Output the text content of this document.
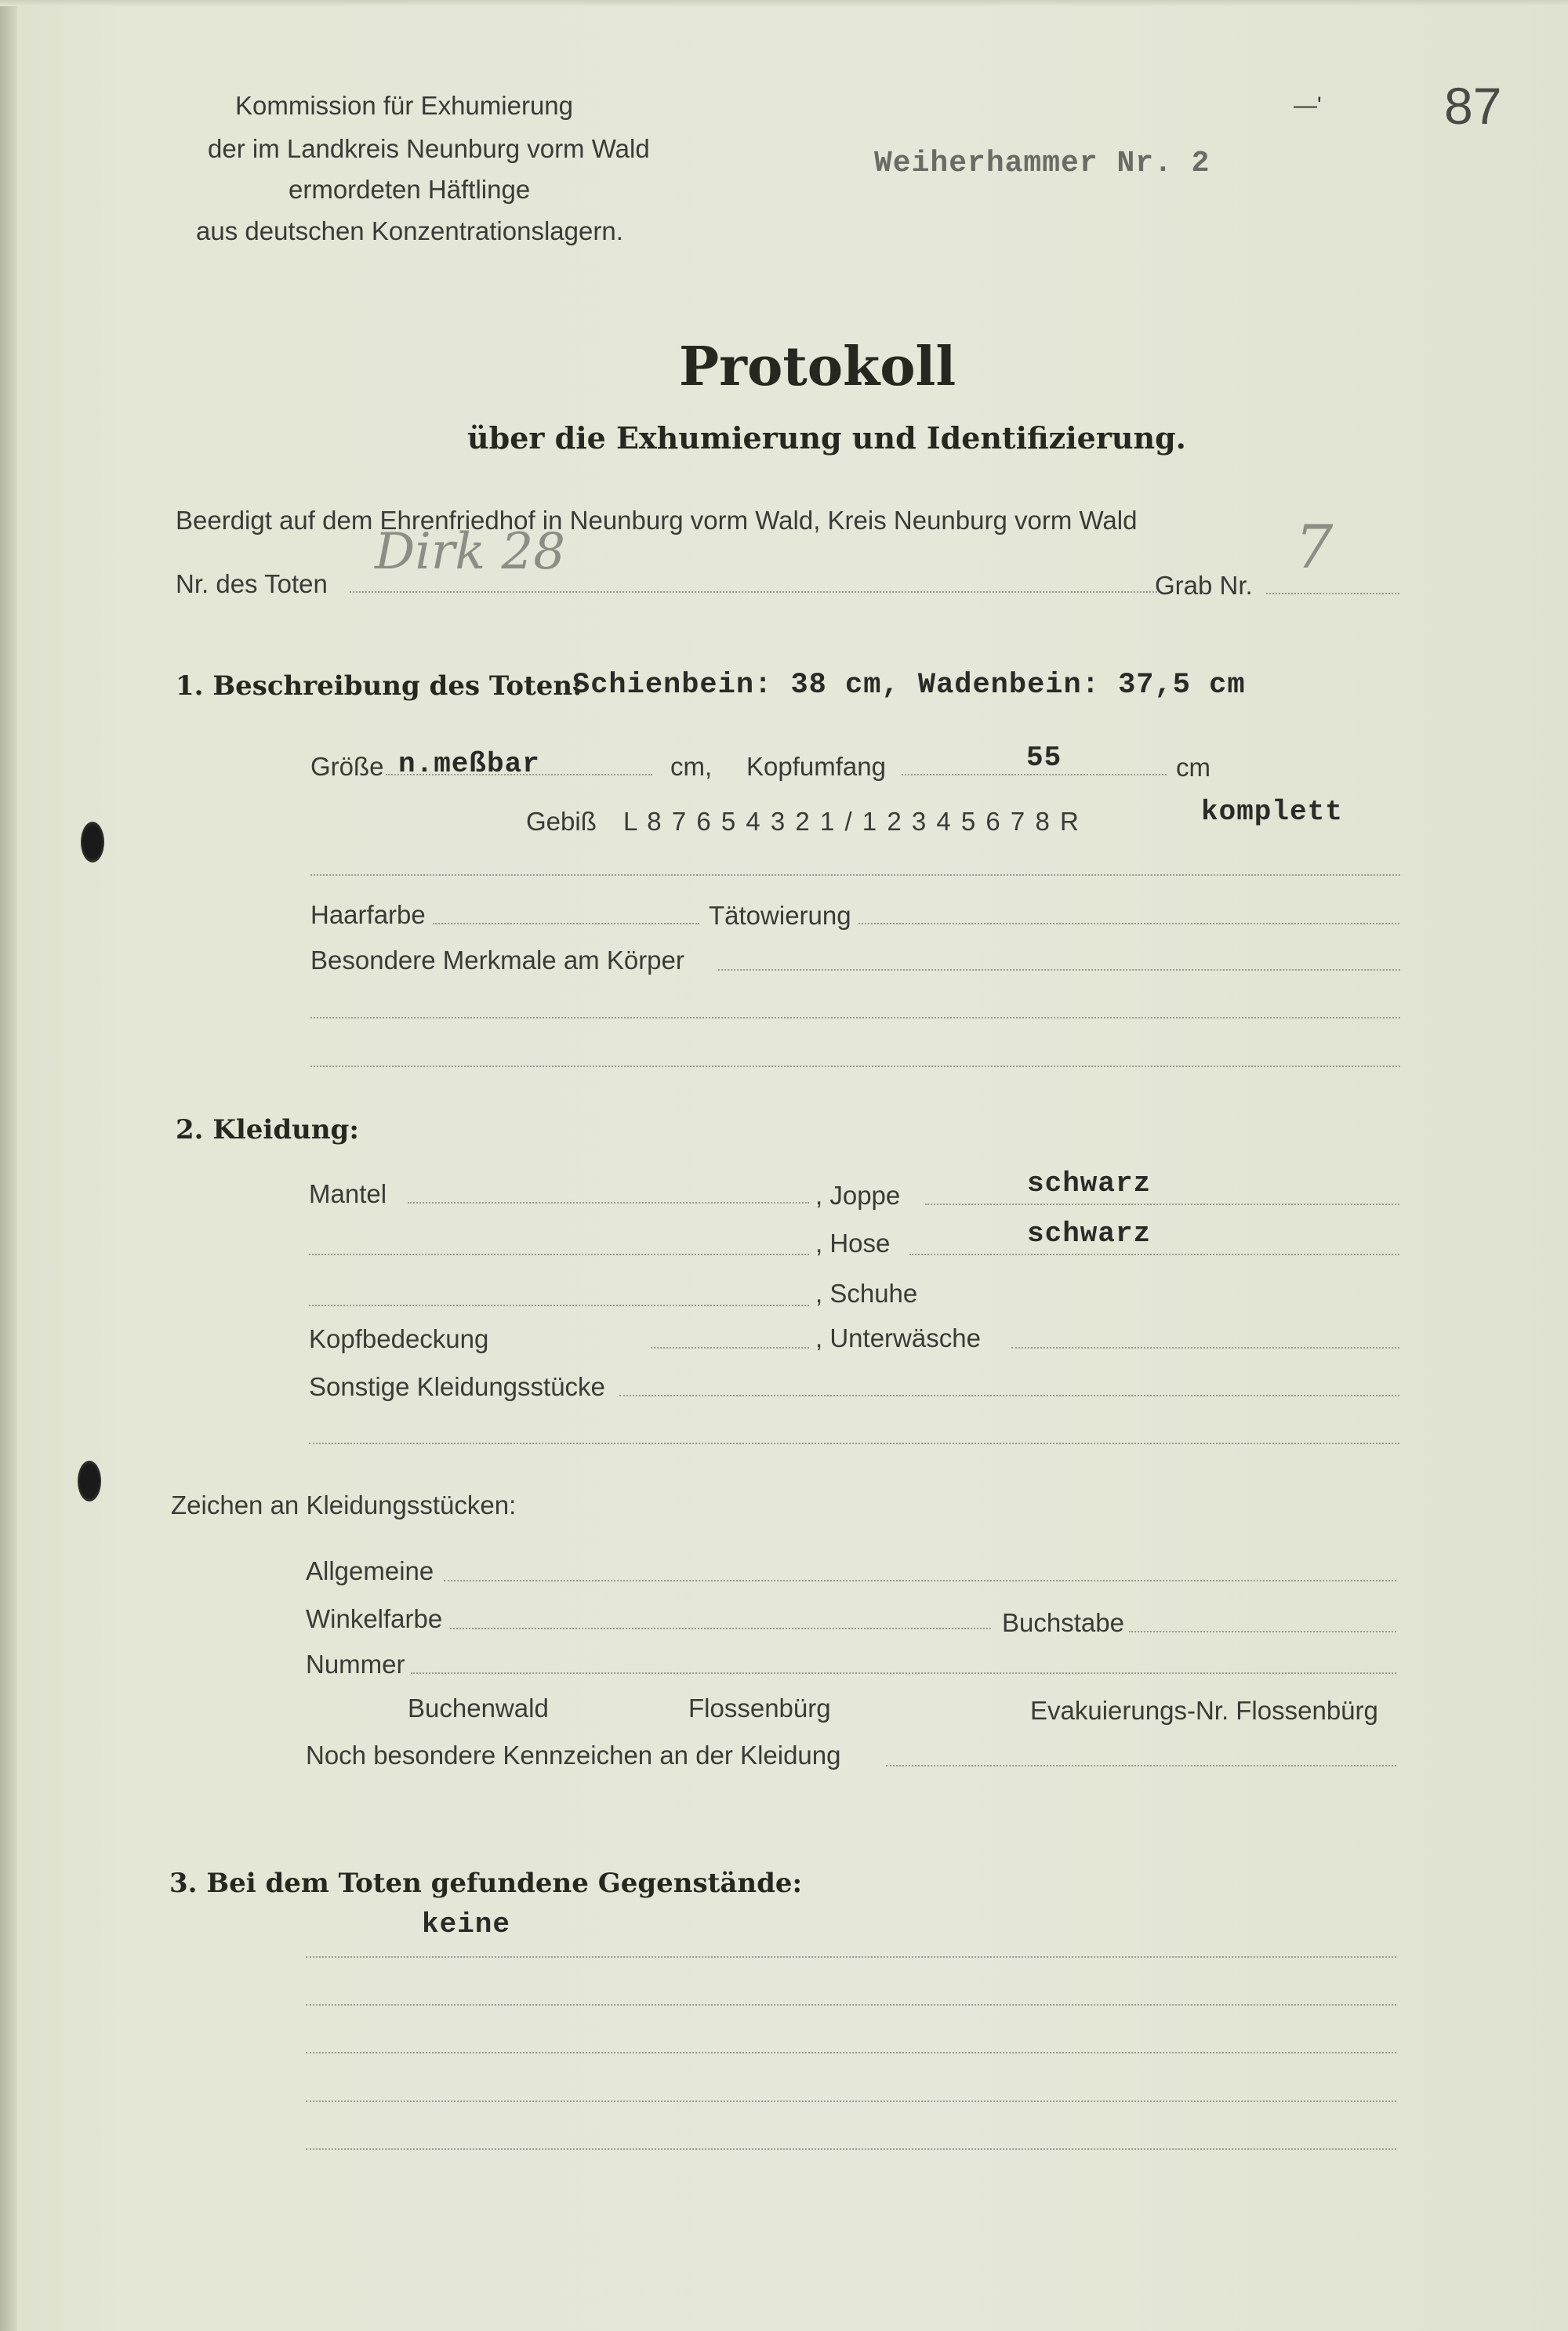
Kommission für Exhumierung
der im Landkreis Neunburg vorm Wald
ermordeten Häftlinge
aus deutschen Konzentrationslagern.
Weiherhammer Nr. 2
—' 87
Protokoll
über die Exhumierung und Identifizierung.
Beerdigt auf dem Ehrenfriedhof in Neunburg vorm Wald, Kreis Neunburg vorm Wald
Nr. des Toten
Dirk 28
Grab Nr.
7
1. Beschreibung des Toten:
Schienbein: 38 cm, Wadenbein: 37,5 cm
Größe n.meßbar	cm, Kopfumfang	55	cm
Gebiß L 8 7 6 5 4 3 2 1 / 1 2 3 4 5 6 7 8 R	komplett
Haarfarbe	Tätowierung
Besondere Merkmale am Körper
2. Kleidung:
Mantel	, Joppe	schwarz
, Hose	schwarz
, Schuhe
Kopfbedeckung	, Unterwäsche
Sonstige Kleidungsstücke
Zeichen an Kleidungsstücken:
Allgemeine
Winkelfarbe	Buchstabe
Nummer
Buchenwald	Flossenbürg	Evakuierungs-Nr. Flossenbürg
Noch besondere Kennzeichen an der Kleidung
3. Bei dem Toten gefundene Gegenstände:
keine
